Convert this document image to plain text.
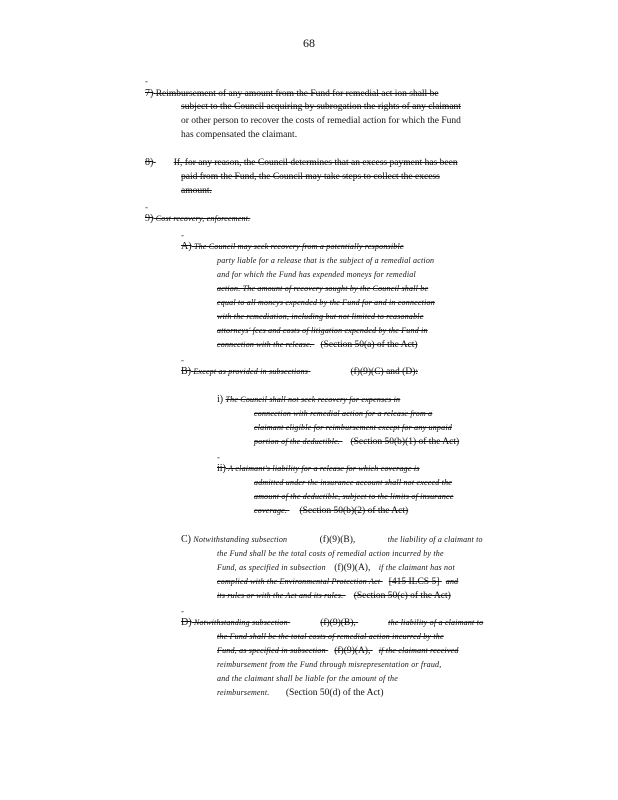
68
-
7) Reimbursement of any amount from the Fund for remedial act ion shall be
subject to the Council acquiring by subrogation the rights of any claimant
or other person to recover the costs of remedial action for which the Fund
has compensated the claimant.
8) If, for any reason, the Council determines that an excess payment has been
paid from the Fund, the Council may take steps to collect the excess
amount.
-
9) Cost recovery, enforcement.
-
A) The Council may seek recovery from a potentially responsible
party liable for a release that is the subject of a remedial action
and for which the Fund has expended moneys for remedial
action. The amount of recovery sought by the Council shall be
equal to all moneys expended by the Fund for and in connection
with the remediation, including but not limited to reasonable
attorneys' fees and costs of litigation expended by the Fund in
connection with the release. (Section 50(a) of the Act)
-
B) Except as provided in subsections	(f)(9)(C) and (D):
i) The Council shall not seek recovery for expenses in
connection with remedial action for a release from a
claimant eligible for reimbursement except for any unpaid
portion of the deductible. (Section 50(b)(1) of the Act)
-
ii) A claimant's liability for a release for which coverage is
admitted under the insurance account shall not exceed the
amount of the deductible, subject to the limits of insurance
coverage. (Section 50(b)(2) of the Act)
C) Notwithstanding subsection	(f)(9)(B),	the liability of a claimant to
the Fund shall be the total costs of remedial action incurred by the
Fund, as specified in subsection (f)(9)(A), if the claimant has not
complied with the Environmental Protection Act [415 ILCS 5] and
its rules or with the Act and its rules. (Section 50(c) of the Act)
-
D) Notwithstanding subsection	(f)(9)(B),	the liability of a claimant to
the Fund shall be the total costs of remedial action incurred by the
Fund, as specified in subsection (f)(9)(A), if the claimant received
reimbursement from the Fund through misrepresentation or fraud,
and the claimant shall be liable for the amount of the
reimbursement. (Section 50(d) of the Act)
